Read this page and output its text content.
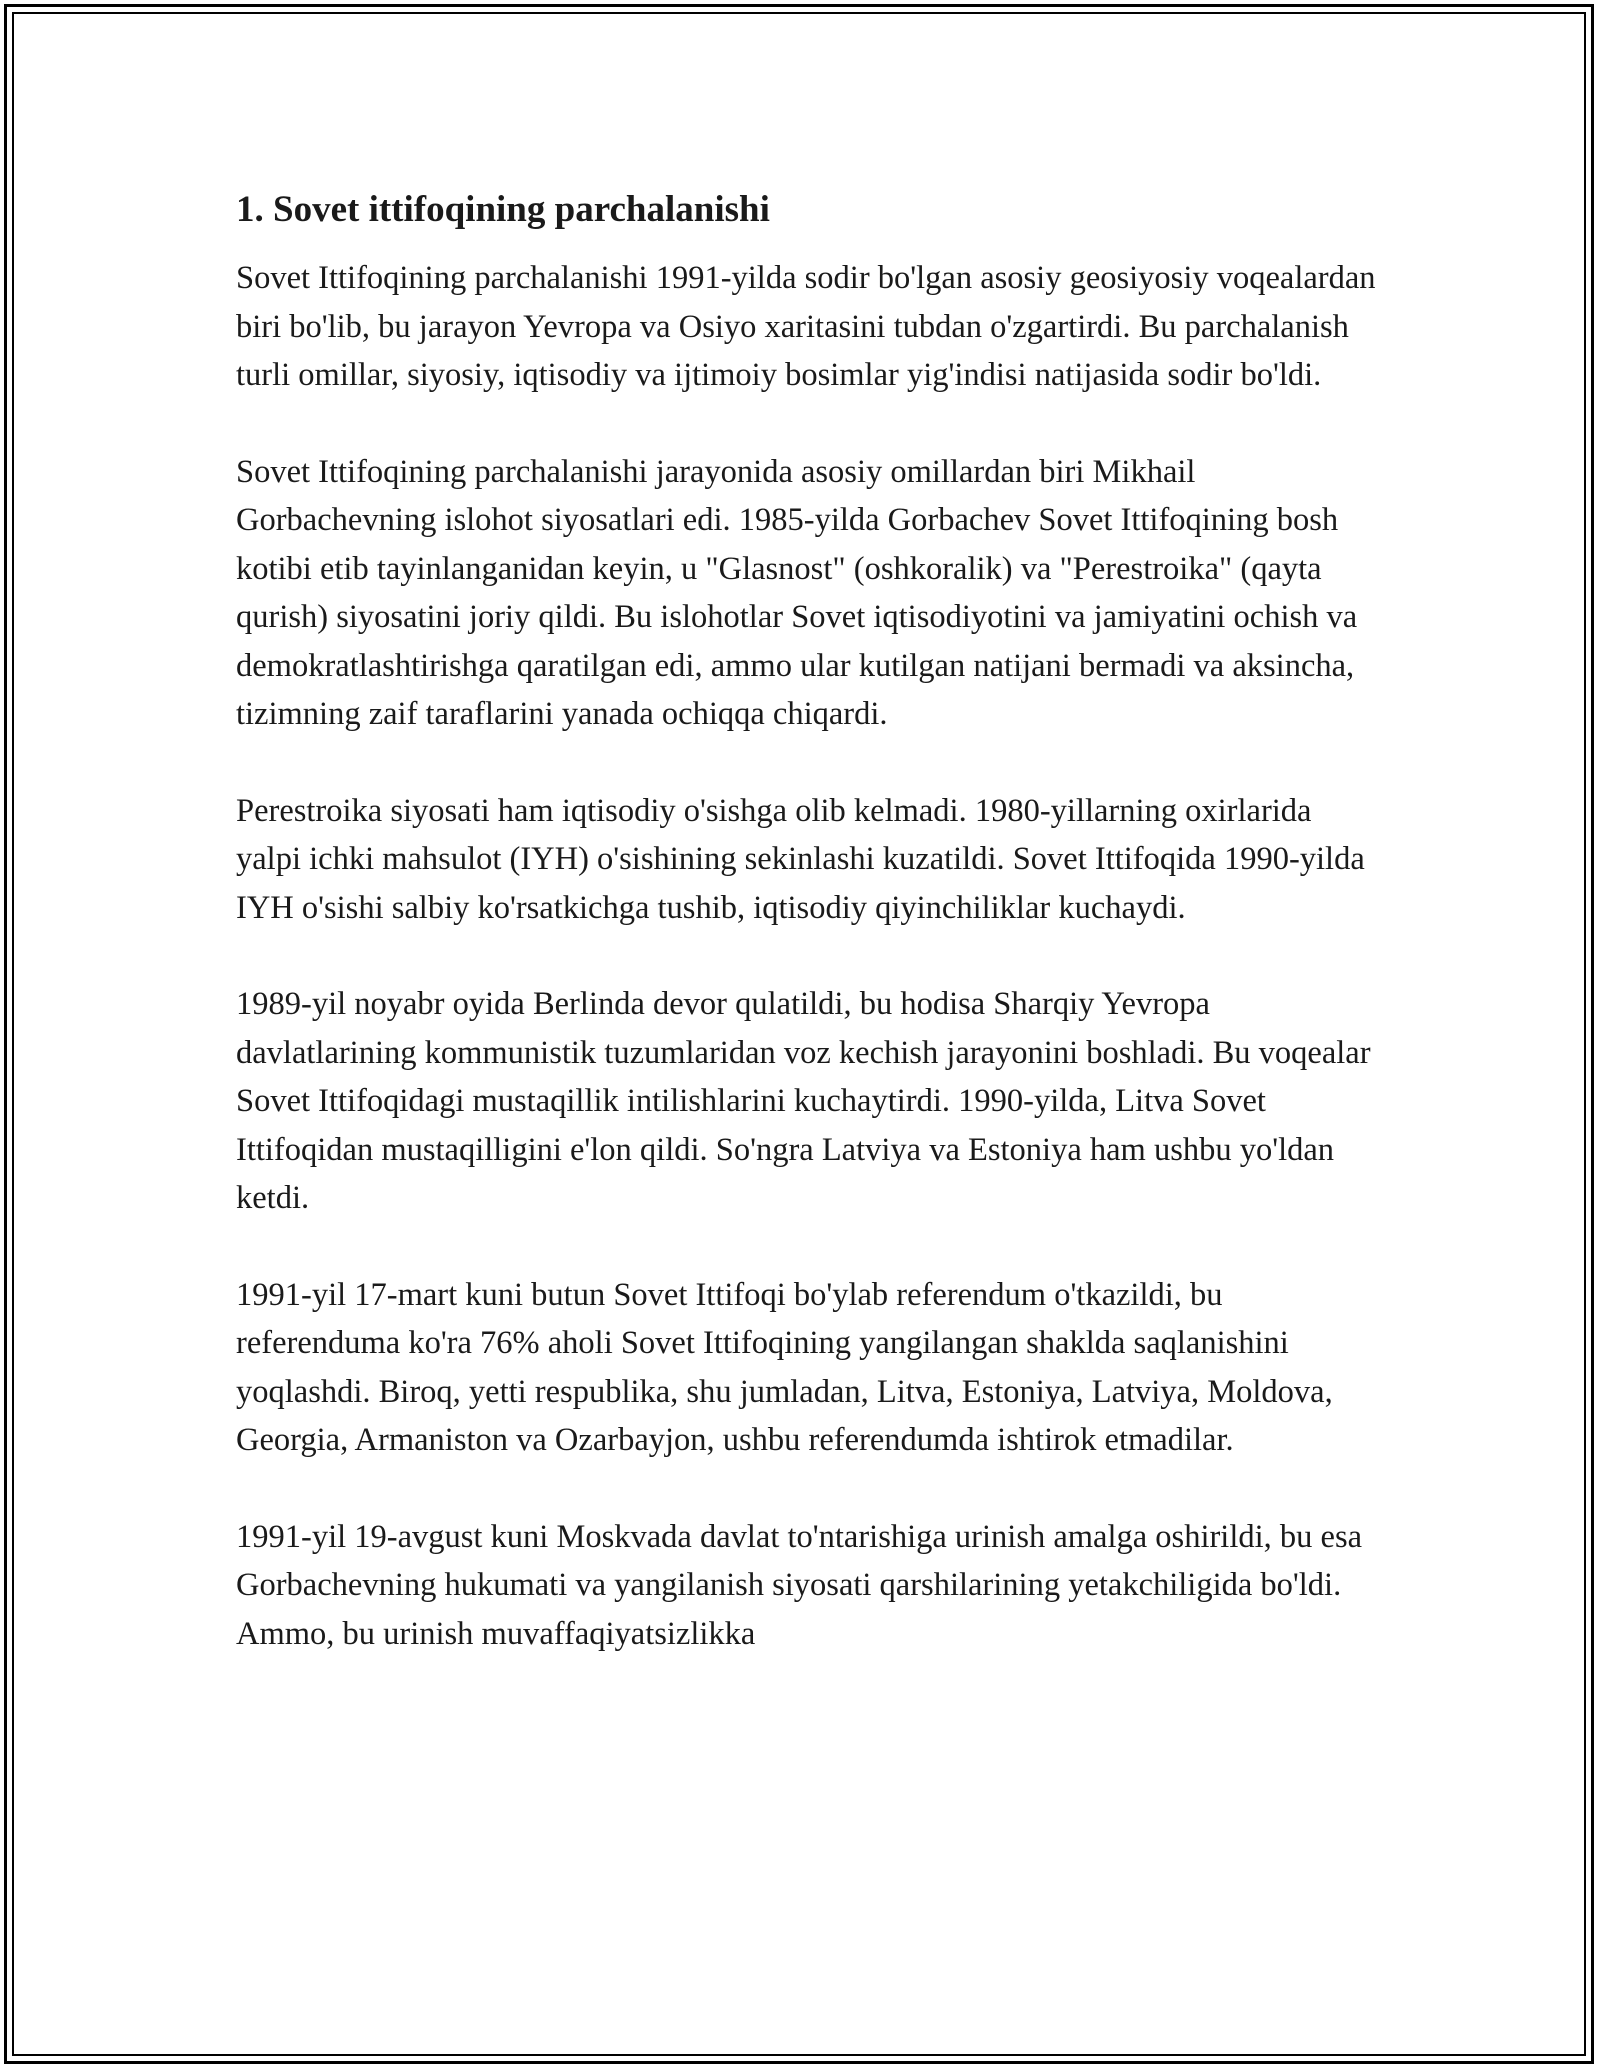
1. Sovet ittifoqining parchalanishi

Sovet Ittifoqining parchalanishi 1991-yilda sodir bo'lgan asosiy geosiyosiy voqealardan biri bo'lib, bu jarayon Yevropa va Osiyo xaritasini tubdan o'zgartirdi. Bu parchalanish turli omillar, siyosiy, iqtisodiy va ijtimoiy bosimlar yig'indisi natijasida sodir bo'ldi.

Sovet Ittifoqining parchalanishi jarayonida asosiy omillardan biri Mikhail Gorbachevning islohot siyosatlari edi. 1985-yilda Gorbachev Sovet Ittifoqining bosh kotibi etib tayinlanganidan keyin, u "Glasnost" (oshkoralik) va "Perestroika" (qayta qurish) siyosatini joriy qildi. Bu islohotlar Sovet iqtisodiyotini va jamiyatini ochish va demokratlashtirishga qaratilgan edi, ammo ular kutilgan natijani bermadi va aksincha, tizimning zaif taraflarini yanada ochiqqa chiqardi.

Perestroika siyosati ham iqtisodiy o'sishga olib kelmadi. 1980-yillarning oxirlarida yalpi ichki mahsulot (IYH) o'sishining sekinlashi kuzatildi. Sovet Ittifoqida 1990-yilda IYH o'sishi salbiy ko'rsatkichga tushib, iqtisodiy qiyinchiliklar kuchaydi.

1989-yil noyabr oyida Berlinda devor qulatildi, bu hodisa Sharqiy Yevropa davlatlarining kommunistik tuzumlaridan voz kechish jarayonini boshladi. Bu voqealar Sovet Ittifoqidagi mustaqillik intilishlarini kuchaytirdi. 1990-yilda, Litva Sovet Ittifoqidan mustaqilligini e'lon qildi. So'ngra Latviya va Estoniya ham ushbu yo'ldan ketdi.

1991-yil 17-mart kuni butun Sovet Ittifoqi bo'ylab referendum o'tkazildi, bu referenduma ko'ra 76% aholi Sovet Ittifoqining yangilangan shaklda saqlanishini yoqlashdi. Biroq, yetti respublika, shu jumladan, Litva, Estoniya, Latviya, Moldova, Georgia, Armaniston va Ozarbayjon, ushbu referendumda ishtirok etmadilar.

1991-yil 19-avgust kuni Moskvada davlat to'ntarishiga urinish amalga oshirildi, bu esa Gorbachevning hukumati va yangilanish siyosati qarshilarining yetakchiligida bo'ldi. Ammo, bu urinish muvaffaqiyatsizlikka
